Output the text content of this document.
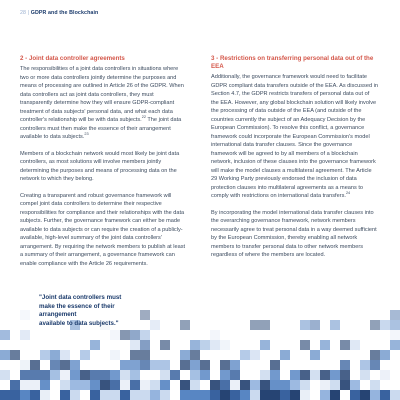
28 | GDPR and the Blockchain

2 - Joint data controller agreements

The responsibilities of a joint data controllers in situations where two or more data controllers jointly determine the purposes and means of processing are outlined in Article 26 of the GDPR. When data controllers act as joint data controllers, they must transparently determine how they will ensure GDPR-compliant treatment of data subjects' personal data, and what each data controller's relationship will be with data subjects.$^{22}$ The joint data controllers must then make the essence of their arrangement available to data subjects.$^{23}$

Members of a blockchain network would most likely be joint data controllers, as most solutions will involve members jointly determining the purposes and means of processing data on the network to which they belong.

Creating a transparent and robust governance framework will compel joint data controllers to determine their respective responsibilities for compliance and their relationships with the data subjects. Further, the governance framework can either be made available to data subjects or can require the creation of a publicly-available, high-level summary of the joint data controllers' arrangement. By requiring the network members to publish at least a summary of their arrangement, a governance framework can enable compliance with the Article 26 requirements.

3 - Restrictions on transferring personal data out of the EEA

Additionally, the governance framework would need to facilitate GDPR compliant data transfers outside of the EEA. As discussed in Section 4.7, the GDPR restricts transfers of personal data out of the EEA. However, any global blockchain solution will likely involve the processing of data outside of the EEA (and outside of the countries currently the subject of an Adequacy Decision by the European Commission). To resolve this conflict, a governance framework could incorporate the European Commission's model international data transfer clauses. Since the governance framework will be agreed to by all members of a blockchain network, inclusion of these clauses into the governance framework will make the model clauses a multilateral agreement. The Article 29 Working Party previously endorsed the inclusion of data protection clauses into multilateral agreements as a means to comply with restrictions on international data transfers.$^{24}$

By incorporating the model international data transfer clauses into the overarching governance framework, network members necessarily agree to treat personal data in a way deemed sufficient by the European Commission, thereby enabling all network members to transfer personal data to other network members regardless of where the members are located.

"Joint data controllers must
make the essence of their arrangement
available to data subjects."
